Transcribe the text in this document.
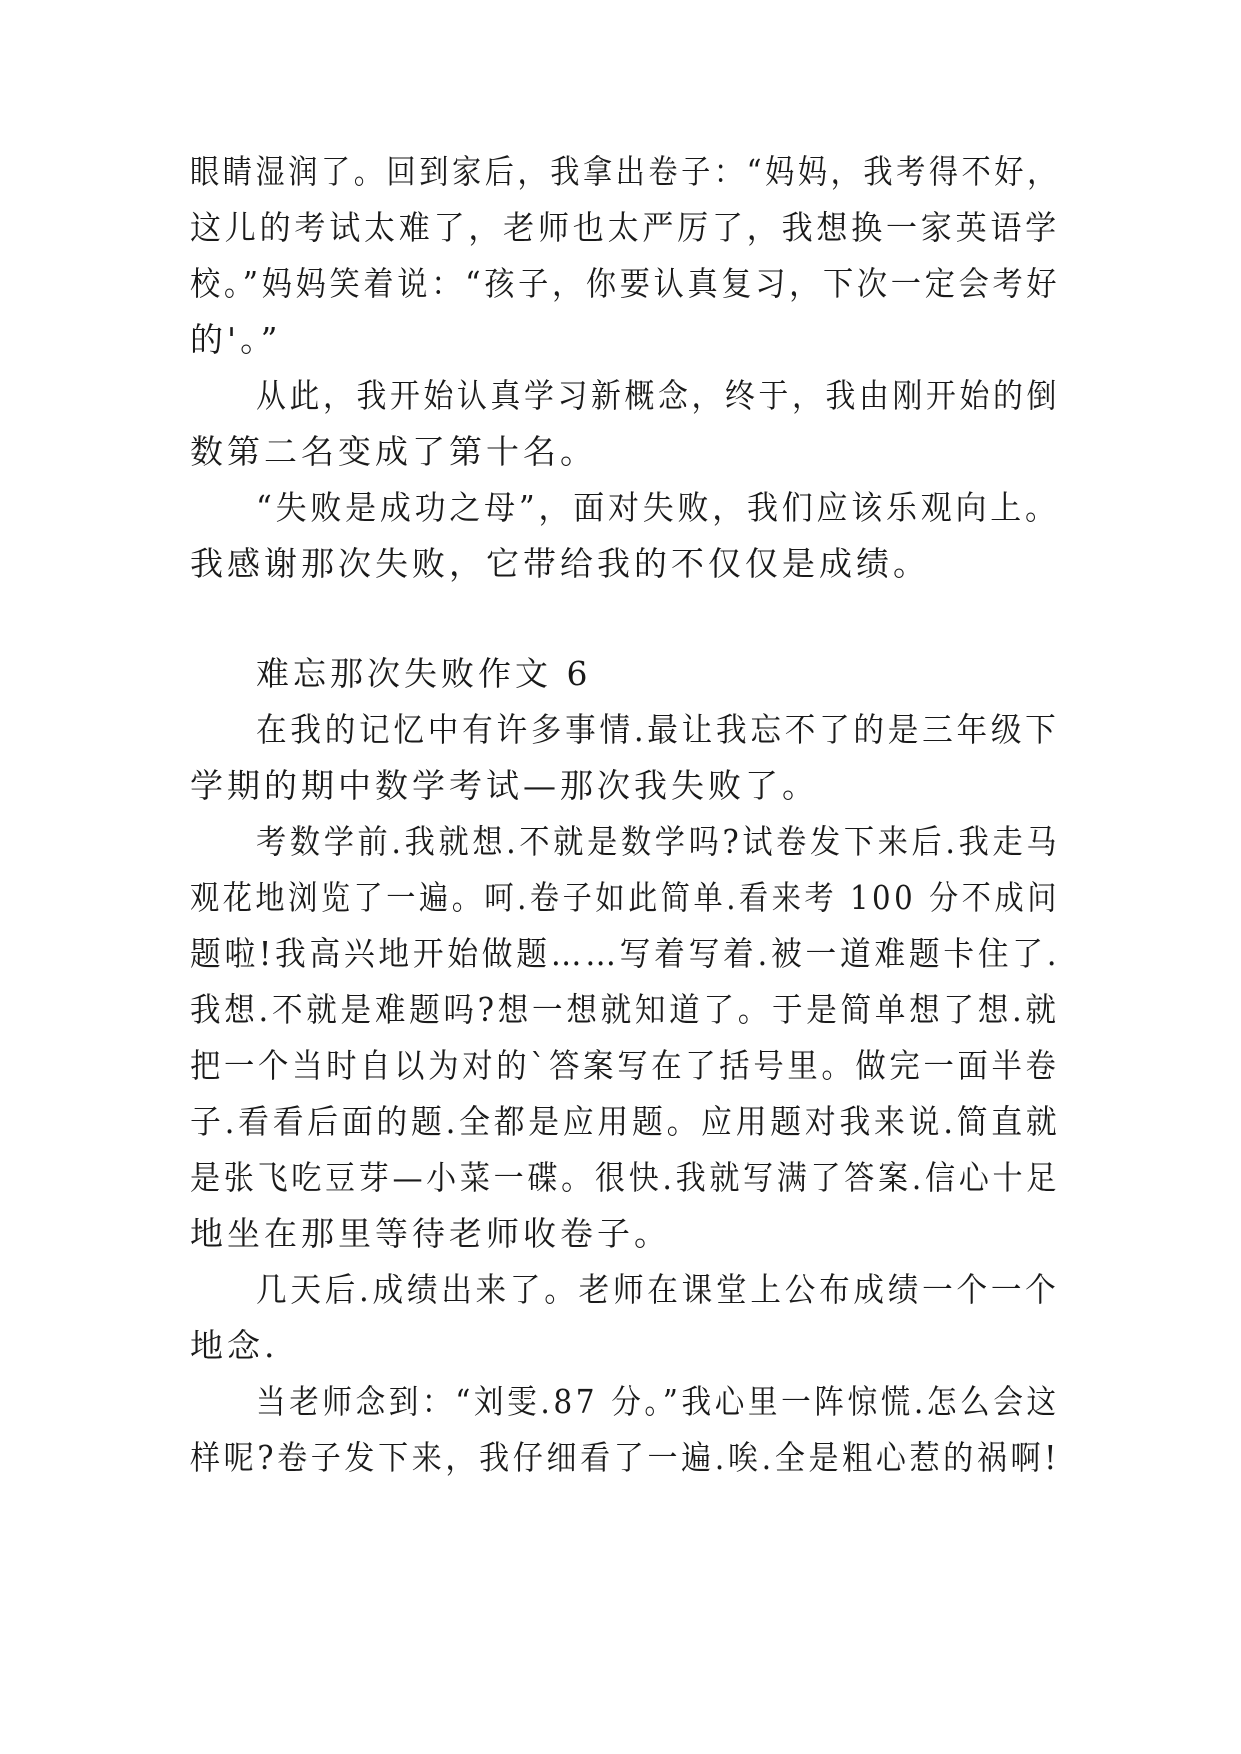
眼睛湿润了。回到家后，我拿出卷子：“妈妈，我考得不好，
这儿的考试太难了，老师也太严厉了，我想换一家英语学
校。”妈妈笑着说：“孩子，你要认真复习，下次一定会考好
的'。”
从此，我开始认真学习新概念，终于，我由刚开始的倒
数第二名变成了第十名。
“失败是成功之母”，面对失败，我们应该乐观向上。
我感谢那次失败，它带给我的不仅仅是成绩。
难忘那次失败作文 6
在我的记忆中有许多事情.最让我忘不了的是三年级下
学期的期中数学考试—那次我失败了。
考数学前.我就想.不就是数学吗?试卷发下来后.我走马
观花地浏览了一遍。呵.卷子如此简单.看来考 100 分不成问
题啦!我高兴地开始做题……写着写着.被一道难题卡住了.
我想.不就是难题吗?想一想就知道了。于是简单想了想.就
把一个当时自以为对的`答案写在了括号里。做完一面半卷
子.看看后面的题.全都是应用题。应用题对我来说.简直就
是张飞吃豆芽—小菜一碟。很快.我就写满了答案.信心十足
地坐在那里等待老师收卷子。
几天后.成绩出来了。老师在课堂上公布成绩一个一个
地念.
当老师念到：“刘雯.87 分。”我心里一阵惊慌.怎么会这
样呢?卷子发下来，我仔细看了一遍.唉.全是粗心惹的祸啊!
